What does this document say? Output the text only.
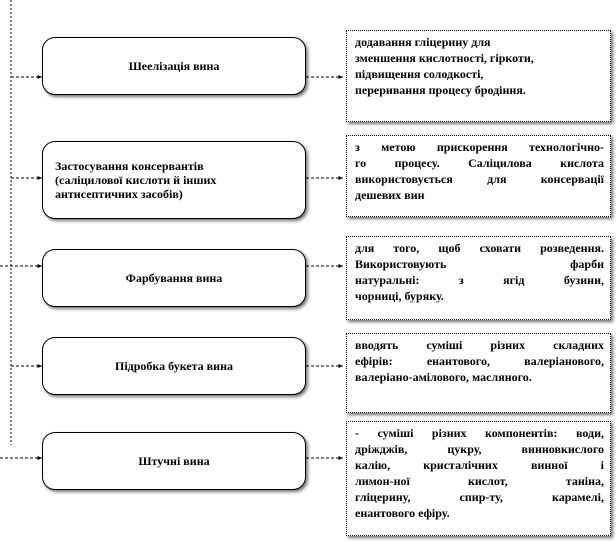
Шеелізація вина
додавання гліцерину для
зменшення кислотності, гіркоти,
підвищення солодкості,
переривання процесу бродіння.
Застосування консервантів
(саліцилової кислоти й інших
антисептичних засобів)
з метою прискорення технологічно-
го процесу. Саліцилова кислота
використовується для консервації
дешевих вин
Фарбування вина
для того, щоб сховати розведення.
Використовують фарби
натуральні: з ягід бузини,
чорниці, буряку.
Підробка букета вина
вводять суміші різних складних
ефірів: енантового, валеріанового,
валеріано-амілового, масляного.
Штучні вина
- суміші різних компонентів: води,
дріжджів, цукру, винновкислого
калію, кристалічних винної і
лимон-ної кислот, таніна,
гліцерину, спир-ту, карамелі,
енантового ефіру.
